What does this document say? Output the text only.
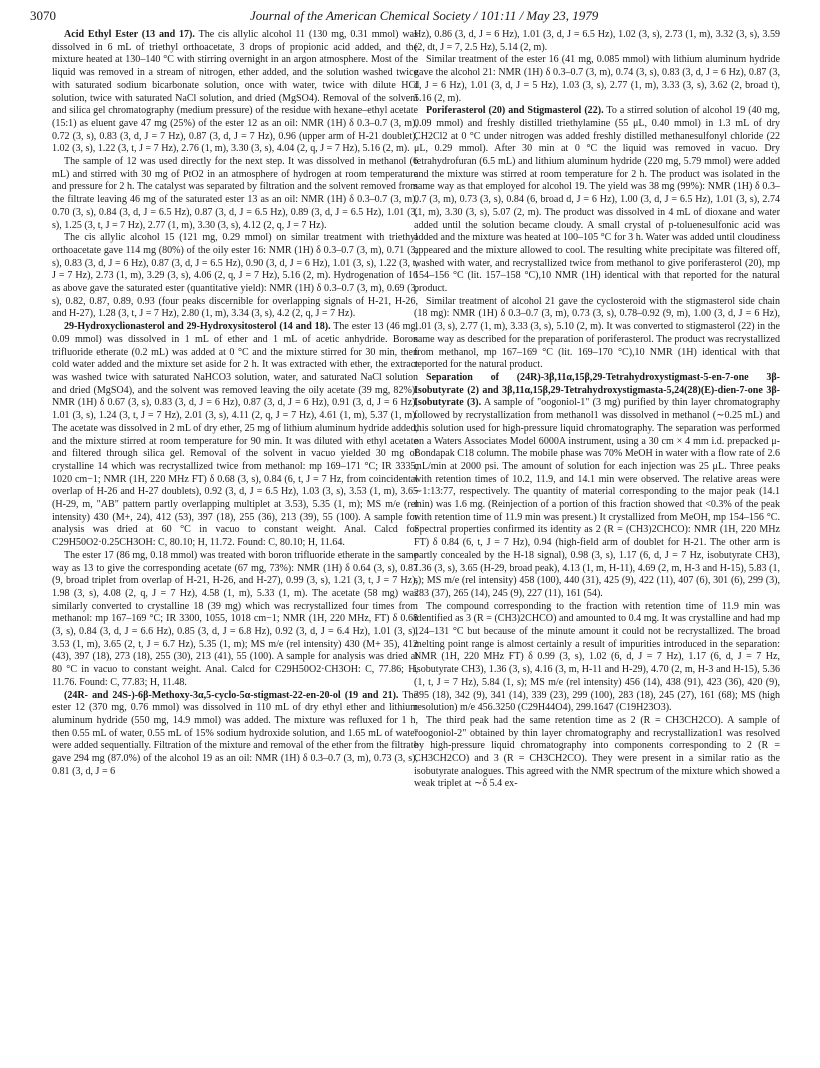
3070	Journal of the American Chemical Society / 101:11 / May 23, 1979

Acid Ethyl Ester (13 and 17). The cis allylic alcohol 11 (130 mg, 0.31 mmol) was dissolved in 6 mL of triethyl orthoacetate, 3 drops of propionic acid added, and the mixture heated at 130–140 °C with stirring overnight in an argon atmosphere. Most of the liquid was removed in a stream of nitrogen, ether added, and the solution washed twice with saturated sodium bicarbonate solution, once with water, twice with dilute HCl solution, twice with saturated NaCl solution, and dried (MgSO4). Removal of the solvent and silica gel chromatography (medium pressure) of the residue with hexane–ethyl acetate (15:1) as eluent gave 47 mg (25%) of the ester 12 as an oil: NMR (1H) δ 0.3–0.7 (3, m), 0.72 (3, s), 0.83 (3, d, J = 7 Hz), 0.87 (3, d, J = 7 Hz), 0.96 (upper arm of H-21 doublet), 1.02 (3, s), 1.22 (3, t, J = 7 Hz), 2.76 (1, m), 3.30 (3, s), 4.04 (2, q, J = 7 Hz), 5.16 (2, m).

The sample of 12 was used directly for the next step. It was dissolved in methanol (6 mL) and stirred with 30 mg of PtO2 in an atmosphere of hydrogen at room temperature and pressure for 2 h. The catalyst was separated by filtration and the solvent removed from the filtrate leaving 46 mg of the saturated ester 13 as an oil: NMR (1H) δ 0.3–0.7 (3, m), 0.70 (3, s), 0.84 (3, d, J = 6.5 Hz), 0.87 (3, d, J = 6.5 Hz), 0.89 (3, d, J = 6.5 Hz), 1.01 (3, s), 1.25 (3, t, J = 7 Hz), 2.77 (1, m), 3.30 (3, s), 4.12 (2, q, J = 7 Hz).

The cis allylic alcohol 15 (121 mg, 0.29 mmol) on similar treatment with triethyl orthoacetate gave 114 mg (80%) of the oily ester 16: NMR (1H) δ 0.3–0.7 (3, m), 0.71 (3, s), 0.83 (3, d, J = 6 Hz), 0.87 (3, d, J = 6.5 Hz), 0.90 (3, d, J = 6 Hz), 1.01 (3, s), 1.22 (3, t, J = 7 Hz), 2.73 (1, m), 3.29 (3, s), 4.06 (2, q, J = 7 Hz), 5.16 (2, m). Hydrogenation of 16 as above gave the saturated ester (quantitative yield): NMR (1H) δ 0.3–0.7 (3, m), 0.69 (3, s), 0.82, 0.87, 0.89, 0.93 (four peaks discernible for overlapping signals of H-21, H-26, and H-27), 1.28 (3, t, J = 7 Hz), 2.80 (1, m), 3.34 (3, s), 4.2 (2, q, J = 7 Hz).

29-Hydroxyclionasterol and 29-Hydroxysitosterol (14 and 18). The ester 13 (46 mg, 0.09 mmol) was dissolved in 1 mL of ether and 1 mL of acetic anhydride. Boron trifluoride etherate (0.2 mL) was added at 0 °C and the mixture stirred for 30 min, then cold water added and the mixture set aside for 2 h. It was extracted with ether, the extract was washed twice with saturated NaHCO3 solution, water, and saturated NaCl solution and dried (MgSO4), and the solvent was removed leaving the oily acetate (39 mg, 82%): NMR (1H) δ 0.67 (3, s), 0.83 (3, d, J = 6 Hz), 0.87 (3, d, J = 6 Hz), 0.91 (3, d, J = 6 Hz), 1.01 (3, s), 1.24 (3, t, J = 7 Hz), 2.01 (3, s), 4.11 (2, q, J = 7 Hz), 4.61 (1, m), 5.37 (1, m). The acetate was dissolved in 2 mL of dry ether, 25 mg of lithium aluminum hydride added, and the mixture stirred at room temperature for 90 min. It was diluted with ethyl acetate and filtered through silica gel. Removal of the solvent in vacuo yielded 30 mg of crystalline 14 which was recrystallized twice from methanol: mp 169–171 °C; IR 3335, 1020 cm−1; NMR (1H, 220 MHz FT) δ 0.68 (3, s), 0.84 (6, t, J = 7 Hz, from coincidental overlap of H-26 and H-27 doublets), 0.92 (3, d, J = 6.5 Hz), 1.03 (3, s), 3.53 (1, m), 3.65 (H-29, m, "AB" pattern partly overlapping multiplet at 3.53), 5.35 (1, m); MS m/e (rel intensity) 430 (M+, 24), 412 (53), 397 (18), 255 (36), 213 (39), 55 (100). A sample for analysis was dried at 60 °C in vacuo to constant weight. Anal. Calcd for C29H50O2·0.25CH3OH: C, 80.10; H, 11.72. Found: C, 80.10; H, 11.64.

The ester 17 (86 mg, 0.18 mmol) was treated with boron trifluoride etherate in the same way as 13 to give the corresponding acetate (67 mg, 73%): NMR (1H) δ 0.64 (3, s), 0.87 (9, broad triplet from overlap of H-21, H-26, and H-27), 0.99 (3, s), 1.21 (3, t, J = 7 Hz), 1.98 (3, s), 4.08 (2, q, J = 7 Hz), 4.58 (1, m), 5.33 (1, m). The acetate (58 mg) was similarly converted to crystalline 18 (39 mg) which was recrystallized four times from methanol: mp 167–169 °C; IR 3300, 1055, 1018 cm−1; NMR (1H, 220 MHz, FT) δ 0.68 (3, s), 0.84 (3, d, J = 6.6 Hz), 0.85 (3, d, J = 6.8 Hz), 0.92 (3, d, J = 6.4 Hz), 1.01 (3, s), 3.53 (1, m), 3.65 (2, t, J = 6.7 Hz), 5.35 (1, m); MS m/e (rel intensity) 430 (M+ 35), 412 (43), 397 (18), 273 (18), 255 (30), 213 (41), 55 (100). A sample for analysis was dried at 80 °C in vacuo to constant weight. Anal. Calcd for C29H50O2·CH3OH: C, 77.86; H, 11.76. Found: C, 77.83; H, 11.48.

(24R- and 24S-)-6β-Methoxy-3α,5-cyclo-5α-stigmast-22-en-20-ol (19 and 21). The ester 12 (370 mg, 0.76 mmol) was dissolved in 110 mL of dry ethyl ether and lithium aluminum hydride (550 mg, 14.9 mmol) was added. The mixture was refluxed for 1 h, then 0.55 mL of water, 0.55 mL of 15% sodium hydroxide solution, and 1.65 mL of water were added sequentially. Filtration of the mixture and removal of the ether from the filtrate gave 294 mg (87.0%) of the alcohol 19 as an oil: NMR (1H) δ 0.3–0.7 (3, m), 0.73 (3, s), 0.81 (3, d, J = 6

Hz), 0.86 (3, d, J = 6 Hz), 1.01 (3, d, J = 6.5 Hz), 1.02 (3, s), 2.73 (1, m), 3.32 (3, s), 3.59 (2, dt, J = 7, 2.5 Hz), 5.14 (2, m).

Similar treatment of the ester 16 (41 mg, 0.085 mmol) with lithium aluminum hydride gave the alcohol 21: NMR (1H) δ 0.3–0.7 (3, m), 0.74 (3, s), 0.83 (3, d, J = 6 Hz), 0.87 (3, d, J = 6 Hz), 1.01 (3, d, J = 5 Hz), 1.03 (3, s), 2.77 (1, m), 3.33 (3, s), 3.62 (2, broad t), 5.16 (2, m).

Poriferasterol (20) and Stigmasterol (22). To a stirred solution of alcohol 19 (40 mg, 0.09 mmol) and freshly distilled triethylamine (55 μL, 0.40 mmol) in 1.3 mL of dry CH2Cl2 at 0 °C under nitrogen was added freshly distilled methanesulfonyl chloride (22 μL, 0.29 mmol). After 30 min at 0 °C the liquid was removed in vacuo. Dry tetrahydrofuran (6.5 mL) and lithium aluminum hydride (220 mg, 5.79 mmol) were added and the mixture was stirred at room temperature for 2 h. The product was isolated in the same way as that employed for alcohol 19. The yield was 38 mg (99%): NMR (1H) δ 0.3–0.7 (3, m), 0.73 (3, s), 0.84 (6, broad d, J = 6 Hz), 1.00 (3, d, J = 6.5 Hz), 1.01 (3, s), 2.74 (1, m), 3.30 (3, s), 5.07 (2, m). The product was dissolved in 4 mL of dioxane and water added until the solution became cloudy. A small crystal of p-toluenesulfonic acid was added and the mixture was heated at 100–105 °C for 3 h. Water was added until cloudiness appeared and the mixture allowed to cool. The resulting white precipitate was filtered off, washed with water, and recrystallized twice from methanol to give poriferasterol (20), mp 154–156 °C (lit. 157–158 °C),10 NMR (1H) identical with that reported for the natural product.

Similar treatment of alcohol 21 gave the cyclosteroid with the stigmasterol side chain (18 mg): NMR (1H) δ 0.3–0.7 (3, m), 0.73 (3, s), 0.78–0.92 (9, m), 1.00 (3, d, J = 6 Hz), 1.01 (3, s), 2.77 (1, m), 3.33 (3, s), 5.10 (2, m). It was converted to stigmasterol (22) in the same way as described for the preparation of poriferasterol. The product was recrystallized from methanol, mp 167–169 °C (lit. 169–170 °C),10 NMR (1H) identical with that reported for the natural product.

Separation of (24R)-3β,11α,15β,29-Tetrahydroxystigmast-5-en-7-one 3β-Isobutyrate (2) and 3β,11α,15β,29-Tetrahydroxystigmasta-5,24(28)(E)-dien-7-one 3β-Isobutyrate (3). A sample of "oogoniol-1" (3 mg) purified by thin layer chromatography followed by recrystallization from methanol1 was dissolved in methanol (∼0.25 mL) and this solution used for high-pressure liquid chromatography. The separation was performed on a Waters Associates Model 6000A instrument, using a 30 cm × 4 mm i.d. prepacked μ-Bondapak C18 column. The mobile phase was 70% MeOH in water with a flow rate of 2.6 mL/min at 2000 psi. The amount of solution for each injection was 25 μL. Three peaks with retention times of 10.2, 11.9, and 14.1 min were observed. The relative areas were ∼1:13:77, respectively. The quantity of material corresponding to the major peak (14.1 min) was 1.6 mg. (Reinjection of a portion of this fraction showed that <0.3% of the peak with retention time of 11.9 min was present.) It crystallized from MeOH, mp 154–156 °C. Spectral properties confirmed its identity as 2 (R = (CH3)2CHCO): NMR (1H, 220 MHz FT) δ 0.84 (6, t, J = 7 Hz), 0.94 (high-field arm of doublet for H-21. The other arm is partly concealed by the H-18 signal), 0.98 (3, s), 1.17 (6, d, J = 7 Hz, isobutyrate CH3), 1.36 (3, s), 3.65 (H-29, broad peak), 4.13 (1, m, H-11), 4.69 (2, m, H-3 and H-15), 5.83 (1, s); MS m/e (rel intensity) 458 (100), 440 (31), 425 (9), 422 (11), 407 (6), 301 (6), 299 (3), 283 (37), 265 (14), 245 (9), 227 (11), 161 (54).

The compound corresponding to the fraction with retention time of 11.9 min was identified as 3 (R = (CH3)2CHCO) and amounted to 0.4 mg. It was crystalline and had mp 124–131 °C but because of the minute amount it could not be recrystallized. The broad melting point range is almost certainly a result of impurities introduced in the separation: NMR (1H, 220 MHz FT) δ 0.99 (3, s), 1.02 (6, d, J = 7 Hz), 1.17 (6, d, J = 7 Hz, isobutyrate CH3), 1.36 (3, s), 4.16 (3, m, H-11 and H-29), 4.70 (2, m, H-3 and H-15), 5.36 (1, t, J = 7 Hz), 5.84 (1, s); MS m/e (rel intensity) 456 (14), 438 (91), 423 (36), 420 (9), 395 (18), 342 (9), 341 (14), 339 (23), 299 (100), 283 (18), 245 (27), 161 (68); MS (high resolution) m/e 456.3250 (C29H44O4), 299.1647 (C19H23O3).

The third peak had the same retention time as 2 (R = CH3CH2CO). A sample of "oogoniol-2" obtained by thin layer chromatography and recrystallization1 was resolved by high-pressure liquid chromatography into components corresponding to 2 (R = CH3CH2CO) and 3 (R = CH3CH2CO). They were present in a similar ratio as the isobutyrate analogues. This agreed with the NMR spectrum of the mixture which showed a weak triplet at ∼δ 5.4 ex-
